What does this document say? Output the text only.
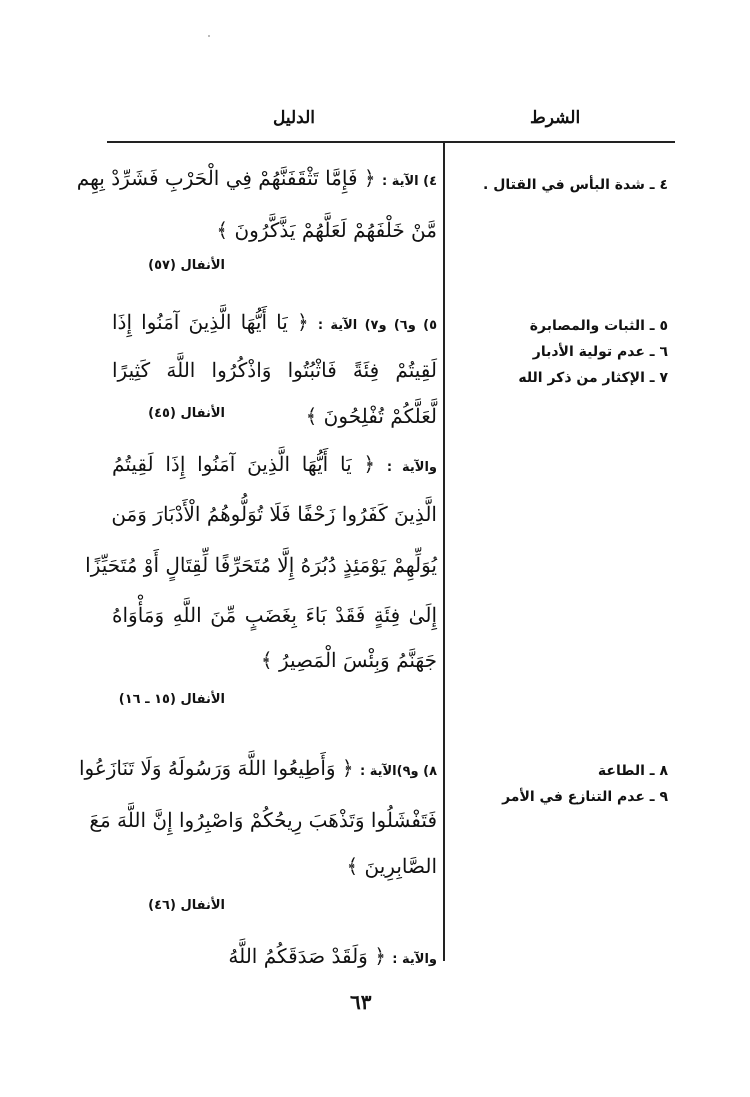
الشرط
الدليل
٤ ـ شدة البأس في القتال .
٥ ـ الثبات والمصابرة
٦ ـ عدم تولية الأدبار
٧ ـ الإكثار من ذكر الله
٨ ـ الطاعة
٩ ـ عدم التنازع في الأمر
٤) الآية : ﴿ فَإِمَّا تَثْقَفَنَّهُمْ فِي الْحَرْبِ فَشَرِّدْ بِهِم
مَّنْ خَلْفَهُمْ لَعَلَّهُمْ يَذَّكَّرُونَ ﴾
الأنفال (٥٧)
٥) و٦) و٧) الآية : ﴿ يَا أَيُّهَا الَّذِينَ آمَنُوا إِذَا
لَقِيتُمْ فِئَةً فَاثْبُتُوا وَاذْكُرُوا اللَّهَ كَثِيرًا
لَّعَلَّكُمْ تُفْلِحُونَ ﴾
الأنفال (٤٥)
والآية : ﴿ يَا أَيُّهَا الَّذِينَ آمَنُوا إِذَا لَقِيتُمُ
الَّذِينَ كَفَرُوا زَحْفًا فَلَا تُوَلُّوهُمُ الْأَدْبَارَ وَمَن
يُوَلِّهِمْ يَوْمَئِذٍ دُبُرَهُ إِلَّا مُتَحَرِّفًا لِّقِتَالٍ أَوْ مُتَحَيِّزًا
إِلَىٰ فِئَةٍ فَقَدْ بَاءَ بِغَضَبٍ مِّنَ اللَّهِ وَمَأْوَاهُ
جَهَنَّمُ وَبِئْسَ الْمَصِيرُ ﴾
الأنفال (١٥ ـ ١٦)
٨) و٩)الآية : ﴿ وَأَطِيعُوا اللَّهَ وَرَسُولَهُ وَلَا تَنَازَعُوا
فَتَفْشَلُوا وَتَذْهَبَ رِيحُكُمْ وَاصْبِرُوا إِنَّ اللَّهَ مَعَ
الصَّابِرِينَ ﴾
الأنفال (٤٦)
والآية : ﴿ وَلَقَدْ صَدَقَكُمُ اللَّهُ
٦٣
